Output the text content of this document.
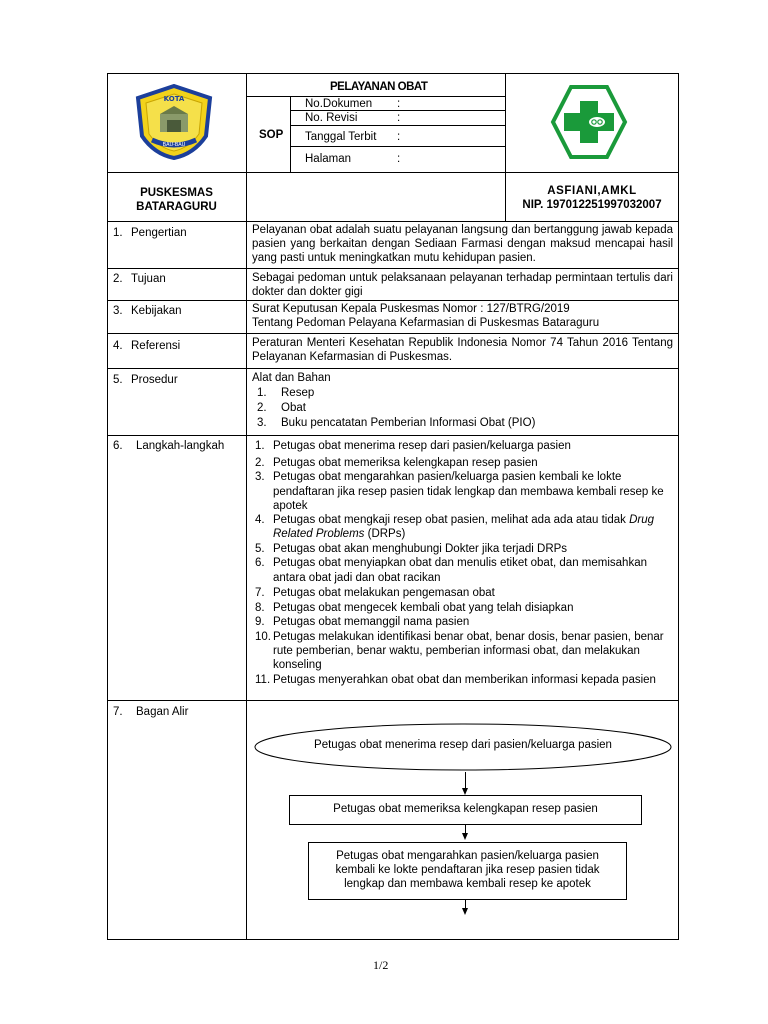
KOTA
BAU-BAU
PELAYANAN OBAT
SOP
No.Dokumen :
No. Revisi	:
Tanggal Terbit :
Halaman	:
PUSKESMAS
BATARAGURU
ASFIANI,AMKL
NIP. 197012251997032007
1. Pengertian	Pelayanan obat adalah suatu pelayanan langsung dan bertanggung jawab kepada pasien yang berkaitan dengan Sediaan Farmasi dengan maksud mencapai hasil yang pasti untuk meningkatkan mutu kehidupan pasien.
2. Tujuan	Sebagai pedoman untuk pelaksanaan pelayanan terhadap permintaan tertulis dari dokter dan dokter gigi
3. Kebijakan	Surat Keputusan Kepala Puskesmas Nomor : 127/BTRG/2019
Tentang Pedoman Pelayana Kefarmasian di Puskesmas Bataraguru
4. Referensi	Peraturan Menteri Kesehatan Republik Indonesia Nomor 74 Tahun 2016 Tentang Pelayanan Kefarmasian di Puskesmas.
5. Prosedur	Alat dan Bahan
1. Resep
2. Obat
3. Buku pencatatan Pemberian Informasi Obat (PIO)
6. Langkah-langkah	1. Petugas obat menerima resep dari pasien/keluarga pasien
2. Petugas obat memeriksa kelengkapan resep pasien
3. Petugas obat mengarahkan pasien/keluarga pasien kembali ke lokte
pendaftaran jika resep pasien tidak lengkap dan membawa kembali resep ke
apotek
4. Petugas obat mengkaji resep obat pasien, melihat ada ada atau tidak Drug
Related Problems (DRPs)
5. Petugas obat akan menghubungi Dokter jika terjadi DRPs
6. Petugas obat menyiapkan obat dan menulis etiket obat, dan memisahkan
antara obat jadi dan obat racikan
7. Petugas obat melakukan pengemasan obat
8. Petugas obat mengecek kembali obat yang telah disiapkan
9. Petugas obat memanggil nama pasien
10. Petugas melakukan identifikasi benar obat, benar dosis, benar pasien, benar
rute pemberian, benar waktu, pemberian informasi obat, dan melakukan
konseling
11. Petugas menyerahkan obat obat dan memberikan informasi kepada pasien
7. Bagan Alir
Petugas obat menerima resep dari pasien/keluarga pasien
Petugas obat memeriksa kelengkapan resep pasien
Petugas obat mengarahkan pasien/keluarga pasien
kembali ke lokte pendaftaran jika resep pasien tidak
lengkap dan membawa kembali resep ke apotek
1/2
